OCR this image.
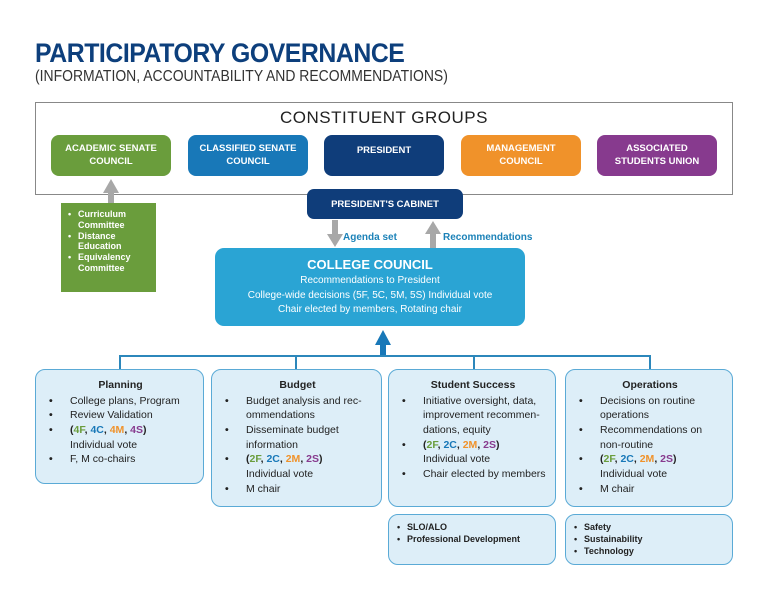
PARTICIPATORY GOVERNANCE
(INFORMATION, ACCOUNTABILITY AND RECOMMENDATIONS)
CONSTITUENT GROUPS
ACADEMIC SENATE COUNCIL
CLASSIFIED SENATE COUNCIL
PRESIDENT	MANAGEMENT COUNCIL
ASSOCIATED STUDENTS UNION
• Curriculum Committee
• Distance Education
• Equivalency Committee
PRESIDENT'S CABINET
Agenda set	Recommendations
COLLEGE COUNCIL
Recommendations to President
College-wide decisions (5F, 5C, 5M, 5S) Individual vote
Chair elected by members, Rotating chair
Planning
• College plans, Program
• Review Validation
• (4F, 4C, 4M, 4S)
Individual vote
• F, M co-chairs
Budget
• Budget analysis and rec-ommendations
• Disseminate budget information
• (2F, 2C, 2M, 2S)
Individual vote
• M chair
Student Success
• Initiative oversight, data, improvement recommen-dations, equity
• (2F, 2C, 2M, 2S)
Individual vote
• Chair elected by members
Operations
• Decisions on routine operations
• Recommendations on non-routine
• (2F, 2C, 2M, 2S)
Individual vote
• M chair
• SLO/ALO
• Professional Development
• Safety
• Sustainability
• Technology
